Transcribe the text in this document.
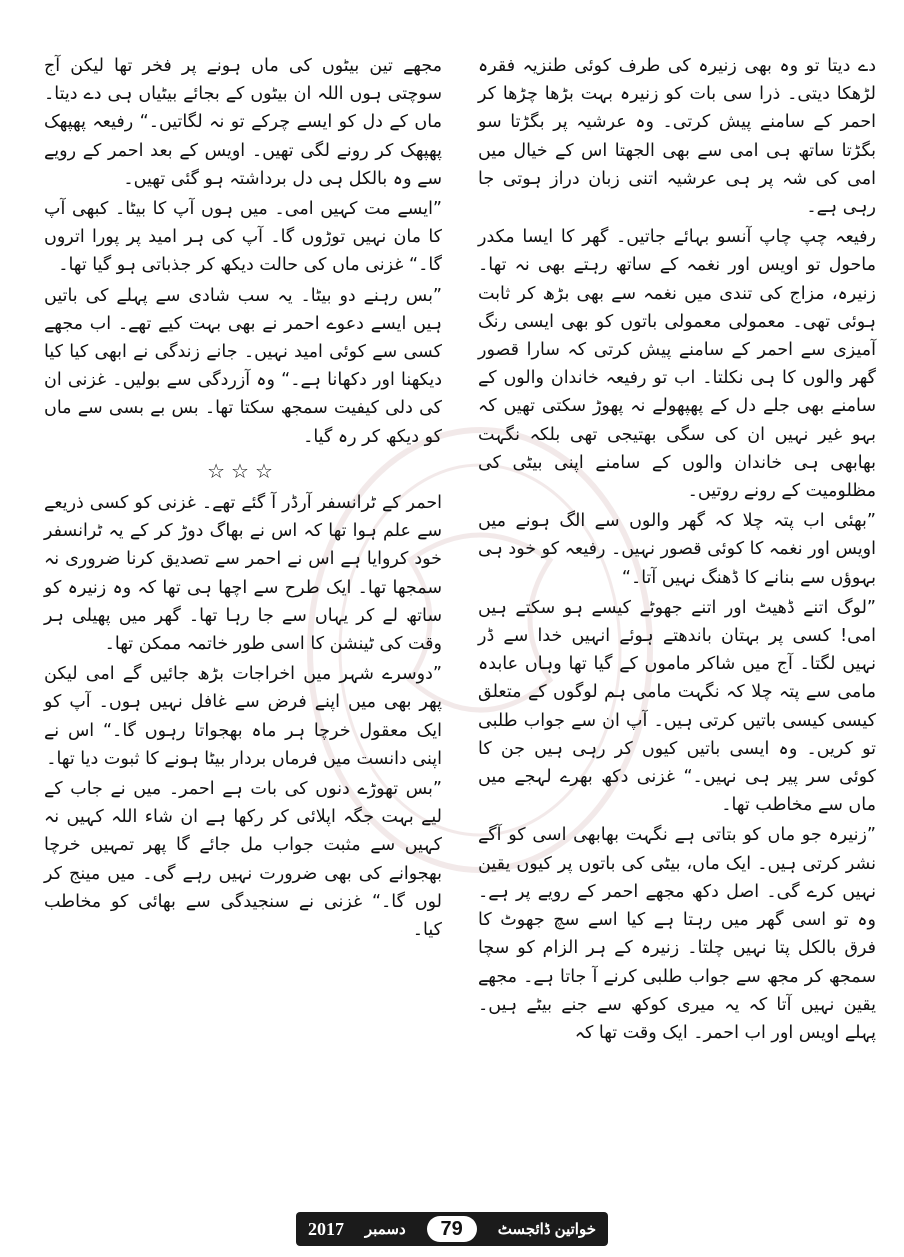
دے دیتا تو وہ بھی زنیرہ کی طرف کوئی طنزیہ فقرہ لڑھکا دیتی۔ ذرا سی بات کو زنیرہ بہت بڑھا چڑھا کر احمر کے سامنے پیش کرتی۔ وہ عرشیہ پر بگڑتا سو بگڑتا ساتھ ہی امی سے بھی الجھتا اس کے خیال میں امی کی شہ پر ہی عرشیہ اتنی زبان دراز ہوتی جا رہی ہے۔

رفیعہ چپ چاپ آنسو بہائے جاتیں۔ گھر کا ایسا مکدر ماحول تو اویس اور نغمہ کے ساتھ رہتے بھی نہ تھا۔ زنیرہ، مزاج کی تندی میں نغمہ سے بھی بڑھ کر ثابت ہوئی تھی۔ معمولی معمولی باتوں کو بھی ایسی رنگ آمیزی سے احمر کے سامنے پیش کرتی کہ سارا قصور گھر والوں کا ہی نکلتا۔ اب تو رفیعہ خاندان والوں کے سامنے بھی جلے دل کے پھپھولے نہ پھوڑ سکتی تھیں کہ بہو غیر نہیں ان کی سگی بھتیجی تھی بلکہ نگہت بھابھی ہی خاندان والوں کے سامنے اپنی بیٹی کی مظلومیت کے رونے روتیں۔

”بھئی اب پتہ چلا کہ گھر والوں سے الگ ہونے میں اویس اور نغمہ کا کوئی قصور نہیں۔ رفیعہ کو خود ہی بہوؤں سے بنانے کا ڈھنگ نہیں آتا۔“

”لوگ اتنے ڈھیٹ اور اتنے جھوٹے کیسے ہو سکتے ہیں امی! کسی پر بہتان باندھتے ہوئے انہیں خدا سے ڈر نہیں لگتا۔ آج میں شاکر ماموں کے گیا تھا وہاں عابدہ مامی سے پتہ چلا کہ نگہت مامی ہم لوگوں کے متعلق کیسی کیسی باتیں کرتی ہیں۔ آپ ان سے جواب طلبی تو کریں۔ وہ ایسی باتیں کیوں کر رہی ہیں جن کا کوئی سر پیر ہی نہیں۔“ غزنی دکھ بھرے لہجے میں ماں سے مخاطب تھا۔

”زنیرہ جو ماں کو بتاتی ہے نگہت بھابھی اسی کو آگے نشر کرتی ہیں۔ ایک ماں، بیٹی کی باتوں پر کیوں یقین نہیں کرے گی۔ اصل دکھ مجھے احمر کے رویے پر ہے۔ وہ تو اسی گھر میں رہتا ہے کیا اسے سچ جھوٹ کا فرق بالکل پتا نہیں چلتا۔ زنیرہ کے ہر الزام کو سچا سمجھ کر مجھ سے جواب طلبی کرنے آ جاتا ہے۔ مجھے یقین نہیں آتا کہ یہ میری کوکھ سے جنے بیٹے ہیں۔ پہلے اویس اور اب احمر۔ ایک وقت تھا کہ

مجھے تین بیٹوں کی ماں ہونے پر فخر تھا لیکن آج سوچتی ہوں اللہ ان بیٹوں کے بجائے بیٹیاں ہی دے دیتا۔ ماں کے دل کو ایسے چرکے تو نہ لگاتیں۔“ رفیعہ پھپھک پھپھک کر رونے لگی تھیں۔ اویس کے بعد احمر کے رویے سے وہ بالکل ہی دل برداشتہ ہو گئی تھیں۔

”ایسے مت کہیں امی۔ میں ہوں آپ کا بیٹا۔ کبھی آپ کا مان نہیں توڑوں گا۔ آپ کی ہر امید پر پورا اتروں گا۔“ غزنی ماں کی حالت دیکھ کر جذباتی ہو گیا تھا۔

”بس رہنے دو بیٹا۔ یہ سب شادی سے پہلے کی باتیں ہیں ایسے دعوے احمر نے بھی بہت کیے تھے۔ اب مجھے کسی سے کوئی امید نہیں۔ جانے زندگی نے ابھی کیا کیا دیکھنا اور دکھانا ہے۔“ وہ آزردگی سے بولیں۔ غزنی ان کی دلی کیفیت سمجھ سکتا تھا۔ بس بے بسی سے ماں کو دیکھ کر رہ گیا۔

☆☆☆

احمر کے ٹرانسفر آرڈر آ گئے تھے۔ غزنی کو کسی ذریعے سے علم ہوا تھا کہ اس نے بھاگ دوڑ کر کے یہ ٹرانسفر خود کروایا ہے اس نے احمر سے تصدیق کرنا ضروری نہ سمجھا تھا۔ ایک طرح سے اچھا ہی تھا کہ وہ زنیرہ کو ساتھ لے کر یہاں سے جا رہا تھا۔ گھر میں پھیلی ہر وقت کی ٹینشن کا اسی طور خاتمہ ممکن تھا۔

”دوسرے شہر میں اخراجات بڑھ جائیں گے امی لیکن پھر بھی میں اپنے فرض سے غافل نہیں ہوں۔ آپ کو ایک معقول خرچا ہر ماہ بھجواتا رہوں گا۔“ اس نے اپنی دانست میں فرماں بردار بیٹا ہونے کا ثبوت دیا تھا۔

”بس تھوڑے دنوں کی بات ہے احمر۔ میں نے جاب کے لیے بہت جگہ اپلائی کر رکھا ہے ان شاء اللہ کہیں نہ کہیں سے مثبت جواب مل جائے گا پھر تمہیں خرچا بھجوانے کی بھی ضرورت نہیں رہے گی۔ میں مینج کر لوں گا۔“ غزنی نے سنجیدگی سے بھائی کو مخاطب کیا۔

خواتین ڈائجسٹ
79
دسمبر
2017
